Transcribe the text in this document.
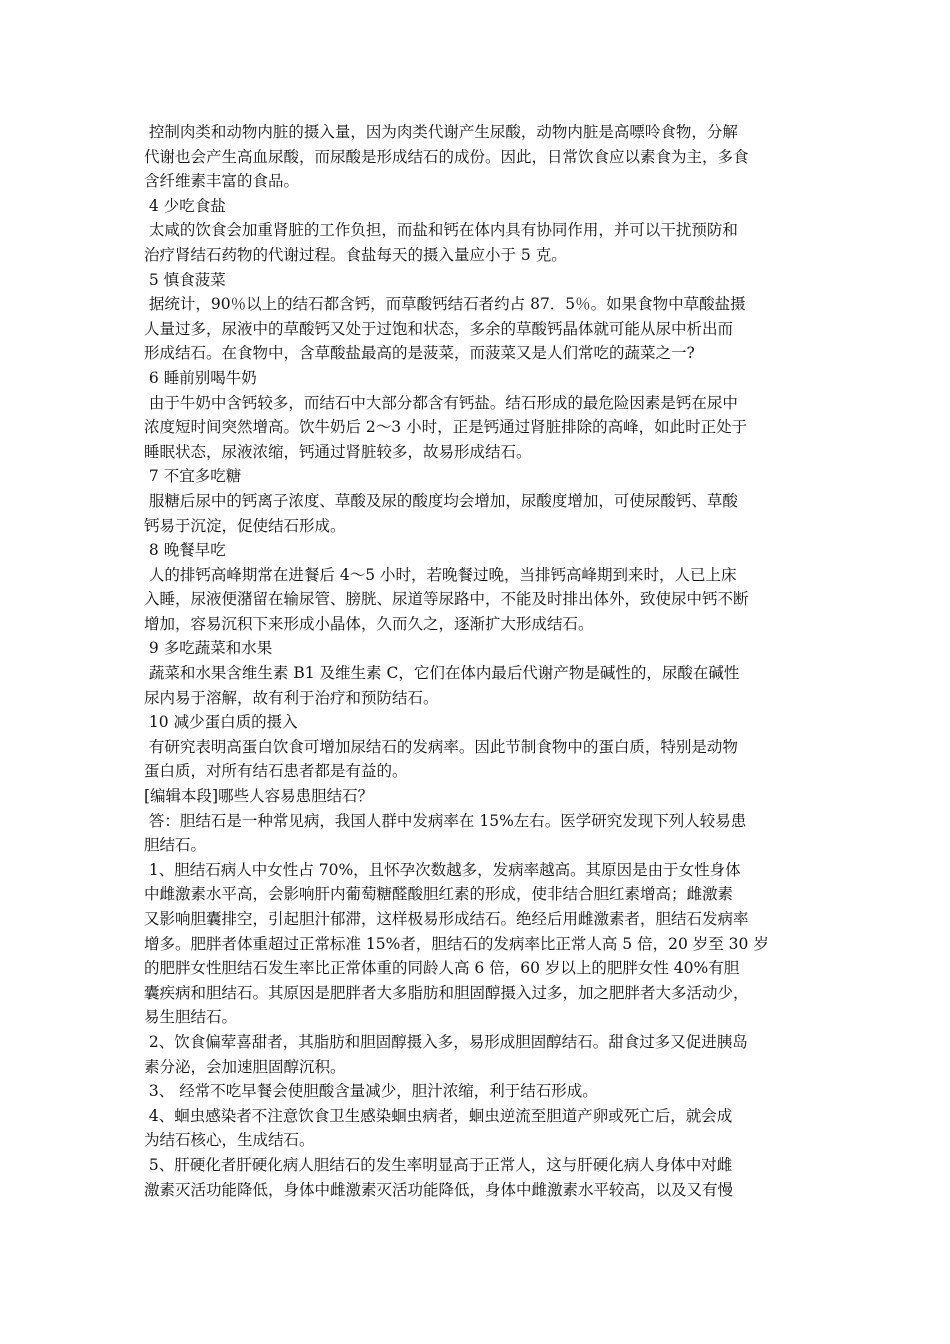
控制肉类和动物内脏的摄入量，因为肉类代谢产生尿酸，动物内脏是高嘌呤食物，分解
代谢也会产生高血尿酸，而尿酸是形成结石的成份。因此，日常饮食应以素食为主，多食
含纤维素丰富的食品。
4 少吃食盐
太咸的饮食会加重肾脏的工作负担，而盐和钙在体内具有协同作用，并可以干扰预防和
治疗肾结石药物的代谢过程。食盐每天的摄入量应小于 5 克。
5 慎食菠菜
据统计，90％以上的结石都含钙，而草酸钙结石者约占 87．5％。如果食物中草酸盐摄
人量过多，尿液中的草酸钙又处于过饱和状态，多余的草酸钙晶体就可能从尿中析出而
形成结石。在食物中，含草酸盐最高的是菠菜，而菠菜又是人们常吃的蔬菜之一?
6 睡前别喝牛奶
由于牛奶中含钙较多，而结石中大部分都含有钙盐。结石形成的最危险因素是钙在尿中
浓度短时间突然增高。饮牛奶后 2～3 小时，正是钙通过肾脏排除的高峰，如此时正处于
睡眠状态，尿液浓缩，钙通过肾脏较多，故易形成结石。
7 不宜多吃糖
服糖后尿中的钙离子浓度、草酸及尿的酸度均会增加，尿酸度增加，可使尿酸钙、草酸
钙易于沉淀，促使结石形成。
8 晚餐早吃
人的排钙高峰期常在进餐后 4～5 小时，若晚餐过晚，当排钙高峰期到来时，人已上床
入睡，尿液便潴留在输尿管、膀胱、尿道等尿路中，不能及时排出体外，致使尿中钙不断
增加，容易沉积下来形成小晶体，久而久之，逐渐扩大形成结石。
9 多吃蔬菜和水果
蔬菜和水果含维生素 B1 及维生素 C，它们在体内最后代谢产物是碱性的，尿酸在碱性
尿内易于溶解，故有利于治疗和预防结石。
10 减少蛋白质的摄入
有研究表明高蛋白饮食可增加尿结石的发病率。因此节制食物中的蛋白质，特别是动物
蛋白质，对所有结石患者都是有益的。
[编辑本段]哪些人容易患胆结石？
答：胆结石是一种常见病，我国人群中发病率在 15%左右。医学研究发现下列人较易患
胆结石。
1、胆结石病人中女性占 70%，且怀孕次数越多，发病率越高。其原因是由于女性身体
中雌激素水平高，会影响肝内葡萄糖醛酸胆红素的形成，使非结合胆红素增高；雌激素
又影响胆囊排空，引起胆汁郁滞，这样极易形成结石。绝经后用雌激素者，胆结石发病率
增多。肥胖者体重超过正常标准 15%者，胆结石的发病率比正常人高 5 倍，20 岁至 30 岁
的肥胖女性胆结石发生率比正常体重的同龄人高 6 倍，60 岁以上的肥胖女性 40%有胆
囊疾病和胆结石。其原因是肥胖者大多脂肪和胆固醇摄入过多，加之肥胖者大多活动少，
易生胆结石。
2、饮食偏荤喜甜者，其脂肪和胆固醇摄入多，易形成胆固醇结石。甜食过多又促进胰岛
素分泌，会加速胆固醇沉积。
3、 经常不吃早餐会使胆酸含量减少，胆汁浓缩，利于结石形成。
4、蛔虫感染者不注意饮食卫生感染蛔虫病者，蛔虫逆流至胆道产卵或死亡后，就会成
为结石核心，生成结石。
5、肝硬化者肝硬化病人胆结石的发生率明显高于正常人，这与肝硬化病人身体中对雌
激素灭活功能降低，身体中雌激素灭活功能降低，身体中雌激素水平较高，以及又有慢
